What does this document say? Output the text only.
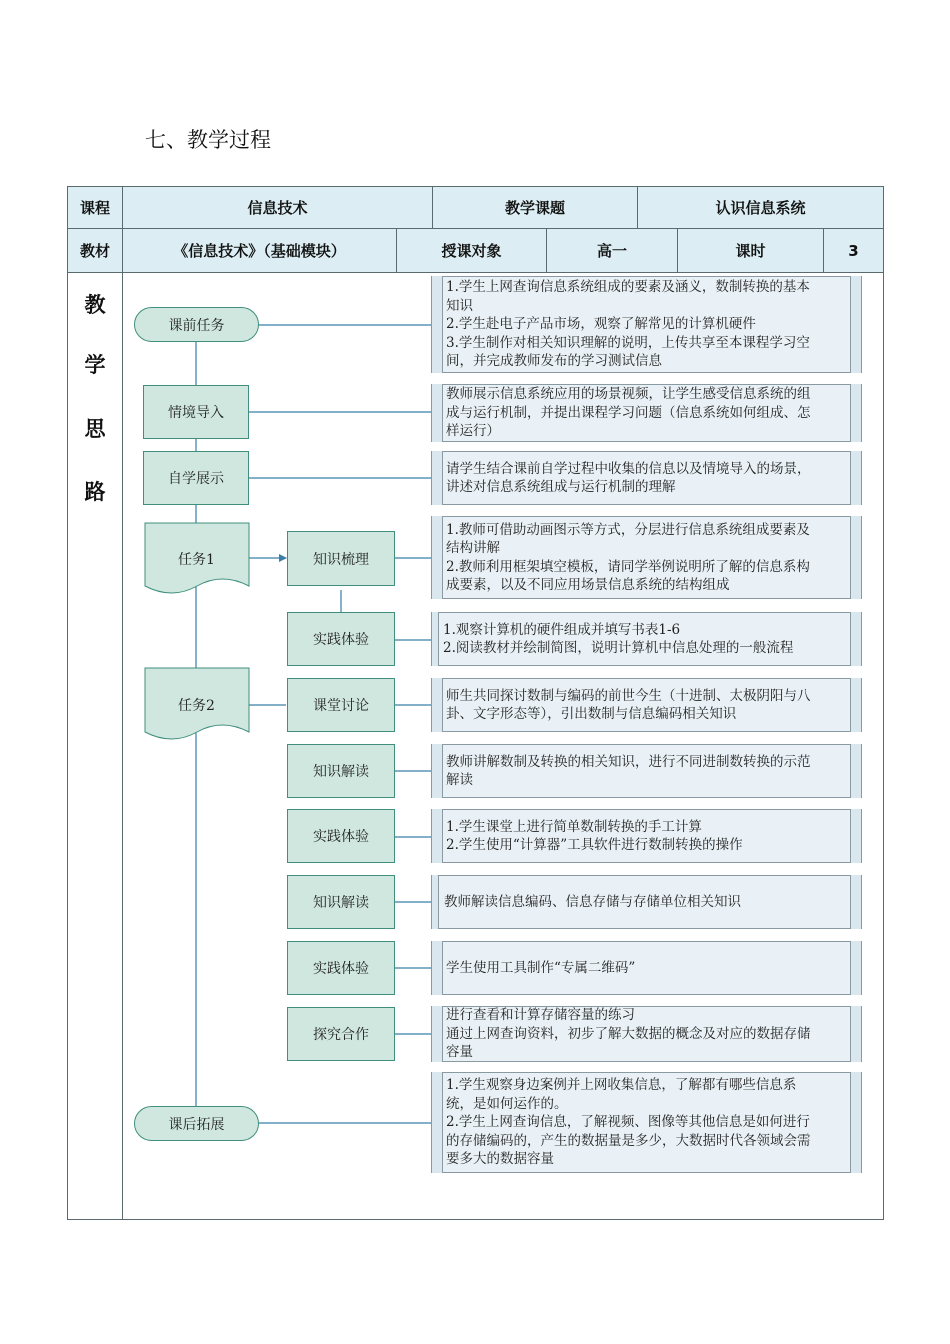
七、教学过程
课程	信息技术	教学课题	认识信息系统
教材	《信息技术》（基础模块）	授课对象	高一	课时	3
教
学
思
路
任务1
任务2
课前任务
情境导入
自学展示
知识梳理
实践体验
课堂讨论
知识解读
实践体验
知识解读
实践体验
探究合作
课后拓展
1.学生上网查询信息系统组成的要素及涵义，数制转换的基本
知识
2.学生赴电子产品市场，观察了解常见的计算机硬件
3.学生制作对相关知识理解的说明，上传共享至本课程学习空
间，并完成教师发布的学习测试信息
教师展示信息系统应用的场景视频，让学生感受信息系统的组
成与运行机制，并提出课程学习问题（信息系统如何组成、怎
样运行）
请学生结合课前自学过程中收集的信息以及情境导入的场景，
讲述对信息系统组成与运行机制的理解
1.教师可借助动画图示等方式，分层进行信息系统组成要素及
结构讲解
2.教师利用框架填空模板，请同学举例说明所了解的信息系构
成要素，以及不同应用场景信息系统的结构组成
1.观察计算机的硬件组成并填写书表1-6
2.阅读教材并绘制简图，说明计算机中信息处理的一般流程
师生共同探讨数制与编码的前世今生（十进制、太极阴阳与八
卦、文字形态等），引出数制与信息编码相关知识
教师讲解数制及转换的相关知识，进行不同进制数转换的示范
解读
1.学生课堂上进行简单数制转换的手工计算
2.学生使用“计算器”工具软件进行数制转换的操作
教师解读信息编码、信息存储与存储单位相关知识
学生使用工具制作“专属二维码”
进行查看和计算存储容量的练习
通过上网查询资料，初步了解大数据的概念及对应的数据存储
容量
1.学生观察身边案例并上网收集信息，了解都有哪些信息系
统，是如何运作的。
2.学生上网查询信息，了解视频、图像等其他信息是如何进行
的存储编码的，产生的数据量是多少，大数据时代各领域会需
要多大的数据容量
